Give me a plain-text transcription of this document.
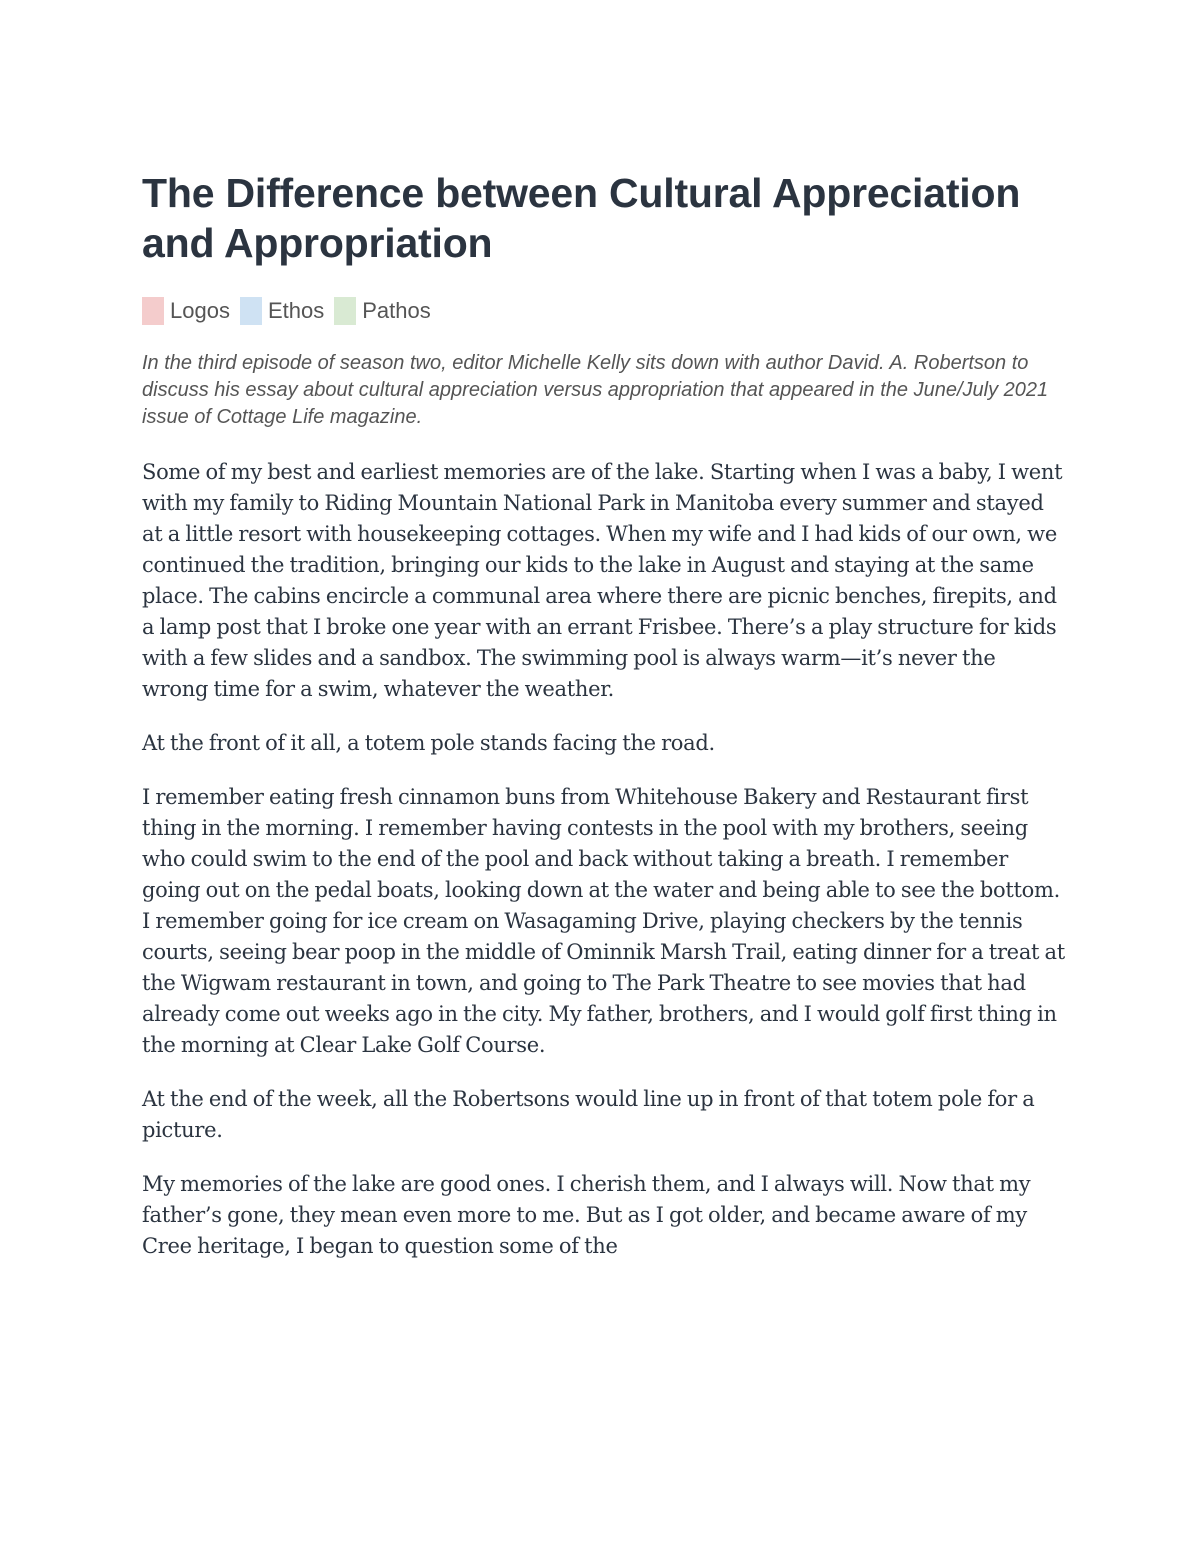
The Difference between Cultural Appreciation and Appropriation
Logos Ethos Pathos
In the third episode of season two, editor Michelle Kelly sits down with author David. A. Robertson to discuss his essay about cultural appreciation versus appropriation that appeared in the June/July 2021 issue of Cottage Life magazine.

Some of my best and earliest memories are of the lake. Starting when I was a baby, I went with my family to Riding Mountain National Park in Manitoba every summer and stayed at a little resort with housekeeping cottages. When my wife and I had kids of our own, we continued the tradition, bringing our kids to the lake in August and staying at the same place. The cabins encircle a communal area where there are picnic benches, firepits, and a lamp post that I broke one year with an errant Frisbee. There’s a play structure for kids with a few slides and a sandbox. The swimming pool is always warm—it’s never the wrong time for a swim, whatever the weather.

At the front of it all, a totem pole stands facing the road.

I remember eating fresh cinnamon buns from Whitehouse Bakery and Restaurant first thing in the morning. I remember having contests in the pool with my brothers, seeing who could swim to the end of the pool and back without taking a breath. I remember going out on the pedal boats, looking down at the water and being able to see the bottom. I remember going for ice cream on Wasagaming Drive, playing checkers by the tennis courts, seeing bear poop in the middle of Ominnik Marsh Trail, eating dinner for a treat at the Wigwam restaurant in town, and going to The Park Theatre to see movies that had already come out weeks ago in the city. My father, brothers, and I would golf first thing in the morning at Clear Lake Golf Course.

At the end of the week, all the Robertsons would line up in front of that totem pole for a picture.

My memories of the lake are good ones. I cherish them, and I always will. Now that my father’s gone, they mean even more to me. But as I got older, and became aware of my Cree heritage, I began to question some of the
